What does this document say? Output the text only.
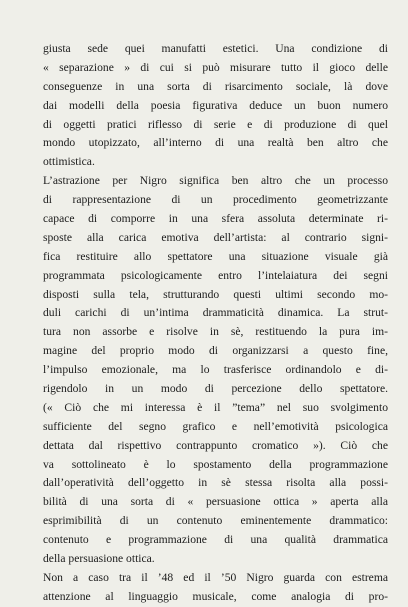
giusta sede quei manufatti estetici. Una condizione di
« separazione » di cui si può misurare tutto il gioco delle
conseguenze in una sorta di risarcimento sociale, là dove
dai modelli della poesia figurativa deduce un buon numero
di oggetti pratici riflesso di serie e di produzione di quel
mondo utopizzato, all’interno di una realtà ben altro che
ottimistica.
L’astrazione per Nigro significa ben altro che un processo
di rappresentazione di un procedimento geometrizzante
capace di comporre in una sfera assoluta determinate ri-
sposte alla carica emotiva dell’artista: al contrario signi-
fica restituire allo spettatore una situazione visuale già
programmata psicologicamente entro l’intelaiatura dei segni
disposti sulla tela, strutturando questi ultimi secondo mo-
duli carichi di un’intima drammaticità dinamica. La strut-
tura non assorbe e risolve in sè, restituendo la pura im-
magine del proprio modo di organizzarsi a questo fine,
l’impulso emozionale, ma lo trasferisce ordinandolo e di-
rigendolo in un modo di percezione dello spettatore.
(« Ciò che mi interessa è il ”tema” nel suo svolgimento
sufficiente del segno grafico e nell’emotività psicologica
dettata dal rispettivo contrappunto cromatico »). Ciò che
va sottolineato è lo spostamento della programmazione
dall’operatività dell’oggetto in sè stessa risolta alla possi-
bilità di una sorta di « persuasione ottica » aperta alla
esprimibilità di un contenuto eminentemente drammatico:
contenuto e programmazione di una qualità drammatica
della persuasione ottica.
Non a caso tra il ’48 ed il ’50 Nigro guarda con estrema
attenzione al linguaggio musicale, come analogia di pro-
